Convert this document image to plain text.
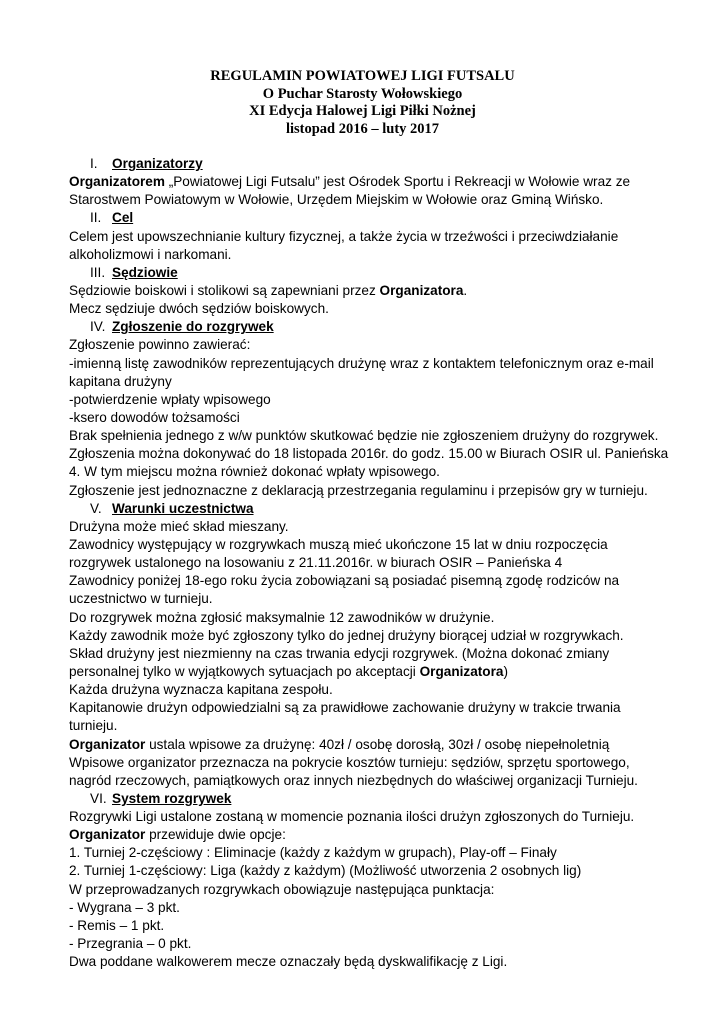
REGULAMIN POWIATOWEJ LIGI FUTSALU
O Puchar Starosty Wołowskiego
XI Edycja Halowej Ligi Piłki Nożnej
listopad 2016 – luty 2017
I. Organizatorzy
Organizatorem „Powiatowej Ligi Futsalu” jest Ośrodek Sportu i Rekreacji w Wołowie wraz ze
Starostwem Powiatowym w Wołowie, Urzędem Miejskim w Wołowie oraz Gminą Wińsko.
II. Cel
Celem jest upowszechnianie kultury fizycznej, a także życia w trzeźwości i przeciwdziałanie
alkoholizmowi i narkomani.
III. Sędziowie
Sędziowie boiskowi i stolikowi są zapewniani przez Organizatora.
Mecz sędziuje dwóch sędziów boiskowych.
IV. Zgłoszenie do rozgrywek
Zgłoszenie powinno zawierać:
-imienną listę zawodników reprezentujących drużynę wraz z kontaktem telefonicznym oraz e-mail
kapitana drużyny
-potwierdzenie wpłaty wpisowego
-ksero dowodów tożsamości
Brak spełnienia jednego z w/w punktów skutkować będzie nie zgłoszeniem drużyny do rozgrywek.
Zgłoszenia można dokonywać do 18 listopada 2016r. do godz. 15.00 w Biurach OSIR ul. Panieńska
4. W tym miejscu można również dokonać wpłaty wpisowego.
Zgłoszenie jest jednoznaczne z deklaracją przestrzegania regulaminu i przepisów gry w turnieju.
V. Warunki uczestnictwa
Drużyna może mieć skład mieszany.
Zawodnicy występujący w rozgrywkach muszą mieć ukończone 15 lat w dniu rozpoczęcia
rozgrywek ustalonego na losowaniu z 21.11.2016r. w biurach OSIR – Panieńska 4
Zawodnicy poniżej 18-ego roku życia zobowiązani są posiadać pisemną zgodę rodziców na
uczestnictwo w turnieju.
Do rozgrywek można zgłosić maksymalnie 12 zawodników w drużynie.
Każdy zawodnik może być zgłoszony tylko do jednej drużyny biorącej udział w rozgrywkach.
Skład drużyny jest niezmienny na czas trwania edycji rozgrywek. (Można dokonać zmiany
personalnej tylko w wyjątkowych sytuacjach po akceptacji Organizatora)
Każda drużyna wyznacza kapitana zespołu.
Kapitanowie drużyn odpowiedzialni są za prawidłowe zachowanie drużyny w trakcie trwania
turnieju.
Organizator ustala wpisowe za drużynę: 40zł / osobę dorosłą, 30zł / osobę niepełnoletnią
Wpisowe organizator przeznacza na pokrycie kosztów turnieju: sędziów, sprzętu sportowego,
nagród rzeczowych, pamiątkowych oraz innych niezbędnych do właściwej organizacji Turnieju.
VI. System rozgrywek
Rozgrywki Ligi ustalone zostaną w momencie poznania ilości drużyn zgłoszonych do Turnieju.
Organizator przewiduje dwie opcje:
1. Turniej 2-częściowy : Eliminacje (każdy z każdym w grupach), Play-off – Finały
2. Turniej 1-częściowy: Liga (każdy z każdym) (Możliwość utworzenia 2 osobnych lig)
W przeprowadzanych rozgrywkach obowiązuje następująca punktacja:
- Wygrana – 3 pkt.
- Remis – 1 pkt.
- Przegrania – 0 pkt.
Dwa poddane walkowerem mecze oznaczały będą dyskwalifikację z Ligi.
